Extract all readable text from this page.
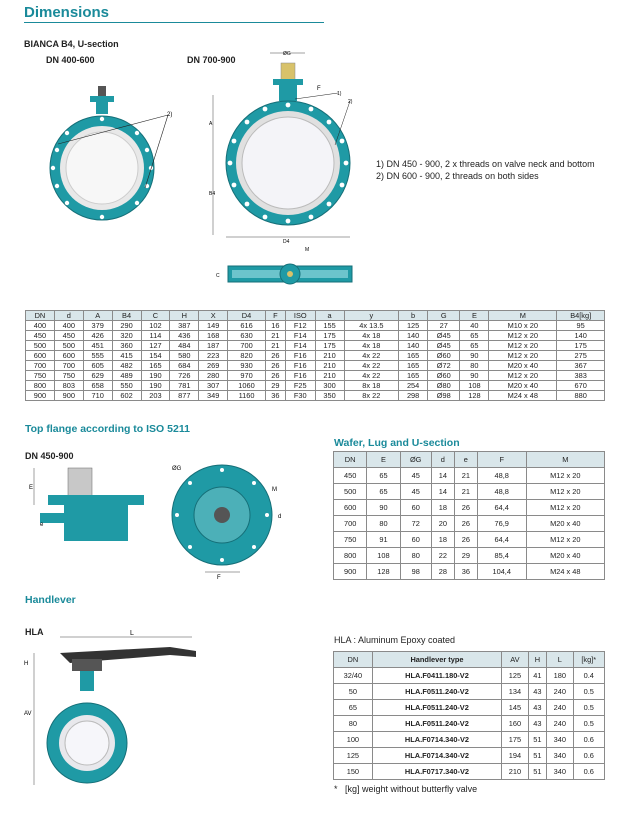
Dimensions
BIANCA B4, U-section
DN 400-600	DN 700-900
2)
ØG
A
B4
D4
F
1)
2)
M
C
1) DN 450 - 900, 2 x threads on valve neck and bottom
2) DN 600 - 900, 2 threads on both sides
DN	d	A	B4	C	H	X	D4	F	ISO	a	y	b	G	E	M	B4[kg]
400	400	379	290	102	387	149	616	16	F12	155	4x 13.5	125	27	40	M10 x 20	95
450	450	426	320	114	436	168	630	21	F14	175	4x 18	140	Ø45	65	M12 x 20	140
500	500	451	360	127	484	187	700	21	F14	175	4x 18	140	Ø45	65	M12 x 20	175
600	600	555	415	154	580	223	820	26	F16	210	4x 22	165	Ø60	90	M12 x 20	275
700	700	605	482	165	684	269	930	26	F16	210	4x 22	165	Ø72	80	M20 x 40	367
750	750	629	489	190	726	280	970	26	F16	210	4x 22	165	Ø60	90	M12 x 20	383
800	803	658	550	190	781	307	1060	29	F25	300	8x 18	254	Ø80	108	M20 x 40	670
900	900	710	602	203	877	349	1160	36	F30	350	8x 22	298	Ø98	128	M24 x 48	880
Top flange according to ISO 5211
DN 450-900
E
e
ØG
F
M
d
Wafer, Lug and U-section
DN	E	ØG	d	e	F	M
450	65	45	14	21	48,8	M12 x 20
500	65	45	14	21	48,8	M12 x 20
600	90	60	18	26	64,4	M12 x 20
700	80	72	20	26	76,9	M20 x 40
750	91	60	18	26	64,4	M12 x 20
800	108	80	22	29	85,4	M20 x 40
900	128	98	28	36	104,4	M24 x 48
Handlever
HLA	L
H
AV
HLA : Aluminum Epoxy coated
DN	Handlever type	AV	H	L	[kg]*
32/40	HLA.F0411.180-V2	125	41	180	0.4
50	HLA.F0511.240-V2	134	43	240	0.5
65	HLA.F0511.240-V2	145	43	240	0.5
80	HLA.F0511.240-V2	160	43	240	0.5
100	HLA.F0714.340-V2	175	51	340	0.6
125	HLA.F0714.340-V2	194	51	340	0.6
150	HLA.F0717.340-V2	210	51	340	0.6
* [kg] weight without butterfly valve
